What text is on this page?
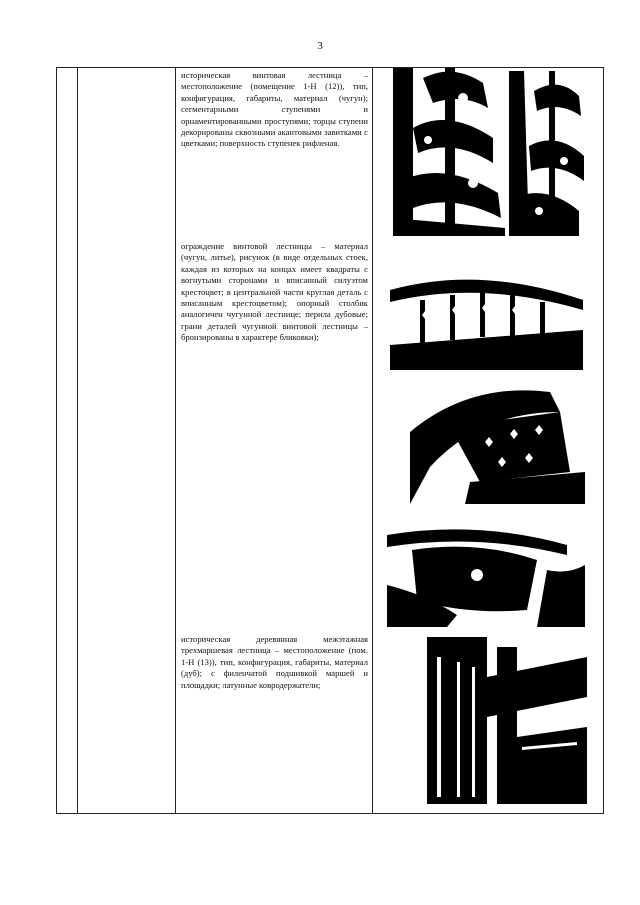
3
историческая винтовая лестница – местоположение (помещение 1-Н (12)), тип, конфигурация, габариты, материал (чугун); сегментарными ступенями и орнаментированными проступями; торцы ступени декорированы сквозными акантовыми завитками с цветками; поверхность ступенек рифленая.
ограждение винтовой лестницы – материал (чугун, литье), рисунок (в виде отдельных стоек, каждая из которых на концах имеет квадраты с вогнутыми сторонами и вписанный силуэтом крестоцвет; в центральной части круглая деталь с вписанным крестоцветом); опорный столбик аналогичен чугунной лестнице; перила дубовые; грани деталей чугунной винтовой лестницы – бронзированы в характере бликовки);
историческая деревянная межэтажная трехмаршевая лестница – местоположение (пом. 1-Н (13)), тип, конфигурация, габариты, материал (дуб); с филенчатой подшивкой маршей и площадки; латунные ковродержатели;
